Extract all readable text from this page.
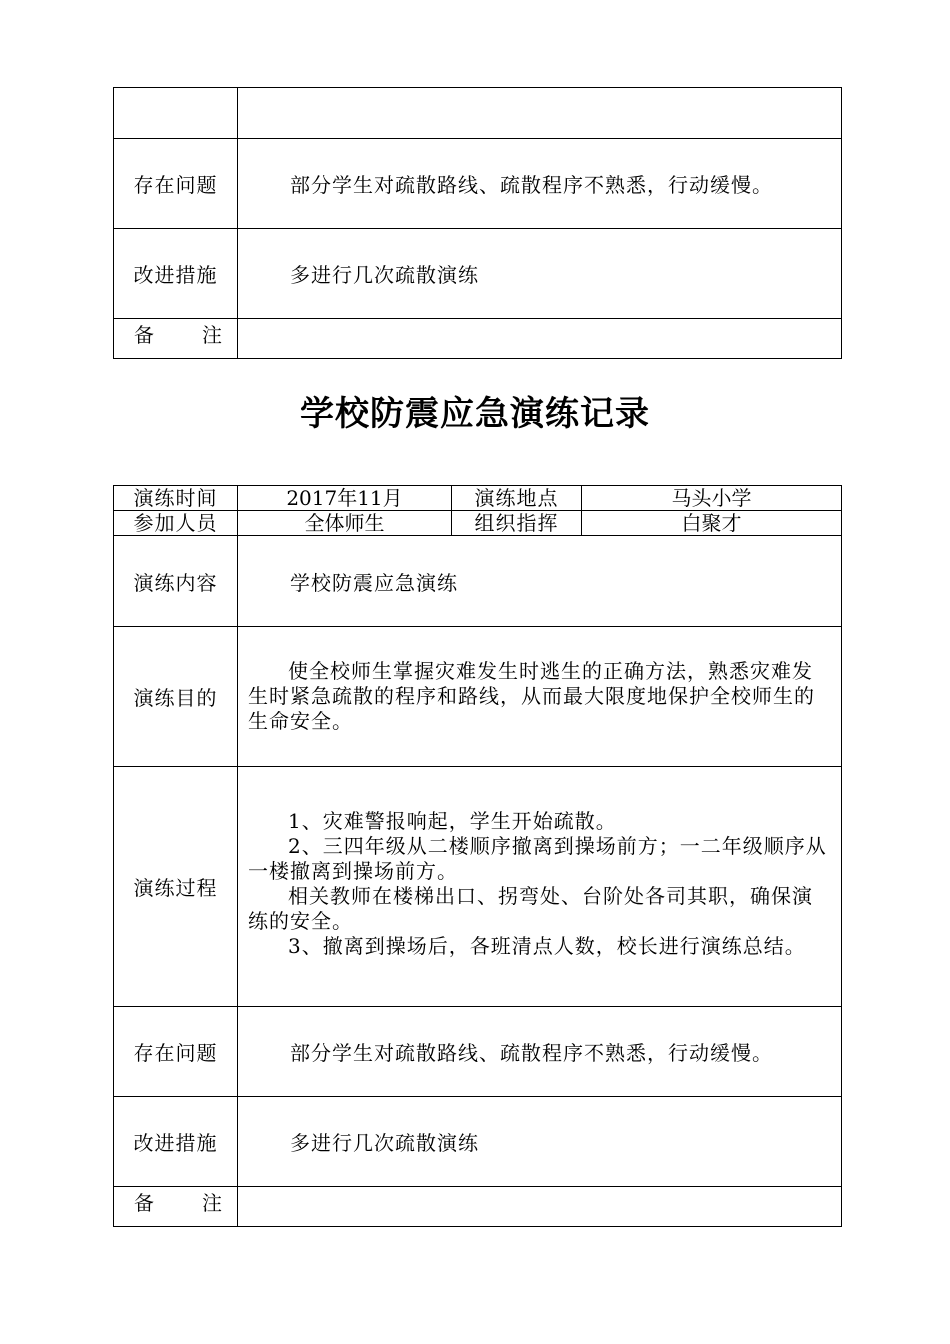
存在问题	部分学生对疏散路线、疏散程序不熟悉，行动缓慢。
改进措施	多进行几次疏散演练
备 注	
学校防震应急演练记录
演练时间	2017年11月	演练地点	马头小学
参加人员	全体师生	组织指挥	白聚才
演练内容	学校防震应急演练		
演练目的	使全校师生掌握灾难发生时逃生的正确方法，熟悉灾难发生时紧急疏散的程序和路线，从而最大限度地保护全校师生的生命安全。		

演练过程	1、灾难警报响起，学生开始疏散。

2、三四年级从二楼顺序撤离到操场前方；一二年级顺序从一楼撤离到操场前方。

相关教师在楼梯出口、拐弯处、台阶处各司其职，确保演练的安全。

3、撤离到操场后，各班清点人数，校长进行演练总结。		

存在问题	部分学生对疏散路线、疏散程序不熟悉，行动缓慢。		
改进措施	多进行几次疏散演练		
备 注			
